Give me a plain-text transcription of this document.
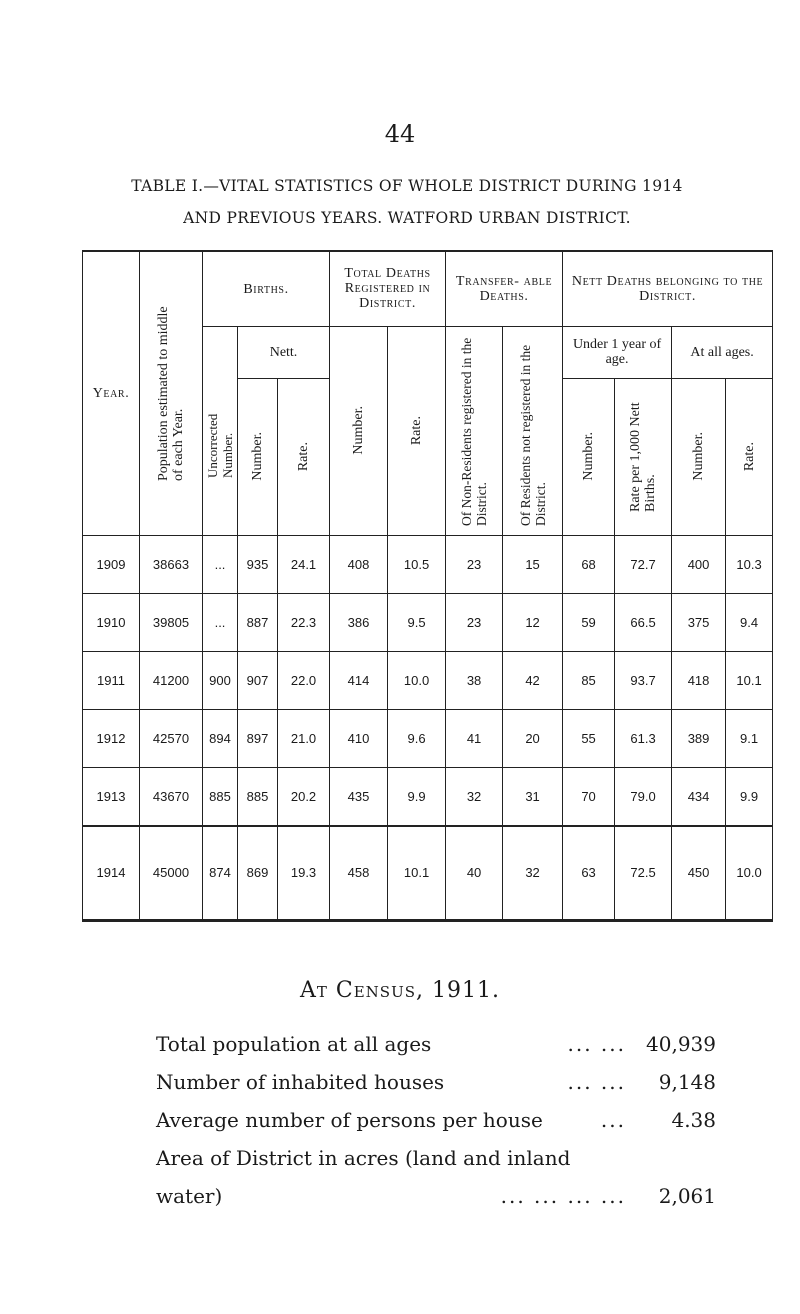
44
TABLE I.—VITAL STATISTICS OF WHOLE DISTRICT DURING 1914
AND PREVIOUS YEARS. WATFORD URBAN DISTRICT.
Year.	Population estimated to middle of each Year.	Births.			Total Deaths Registered in District.		Transfer- able Deaths.		Nett Deaths belonging to the District.			

		Uncorrected Number.	Nett.		Number.	Rate.	Of Non-Residents registered in the District.	Of Residents not registered in the District.	Under 1 year of age.		At all ages.	

			Number.	Rate.					Number.	Rate per 1,000 Nett Births.	Number.	Rate.

1909	38663	...	935	24.1	408	10.5	23	15	68	72.7	400	10.3
1910	39805	...	887	22.3	386	9.5	23	12	59	66.5	375	9.4
1911	41200	900	907	22.0	414	10.0	38	42	85	93.7	418	10.1
1912	42570	894	897	21.0	410	9.6	41	20	55	61.3	389	9.1
1913	43670	885	885	20.2	435	9.9	32	31	70	79.0	434	9.9
1914	45000	874	869	19.3	458	10.1	40	32	63	72.5	450	10.0
At Census, 1911.
Total population at all ages	... ...	40,939
Number of inhabited houses	... ...	9,148
Average number of persons per house	...	4.38
Area of District in acres (land and inland
water)	... ... ... ...	2,061
